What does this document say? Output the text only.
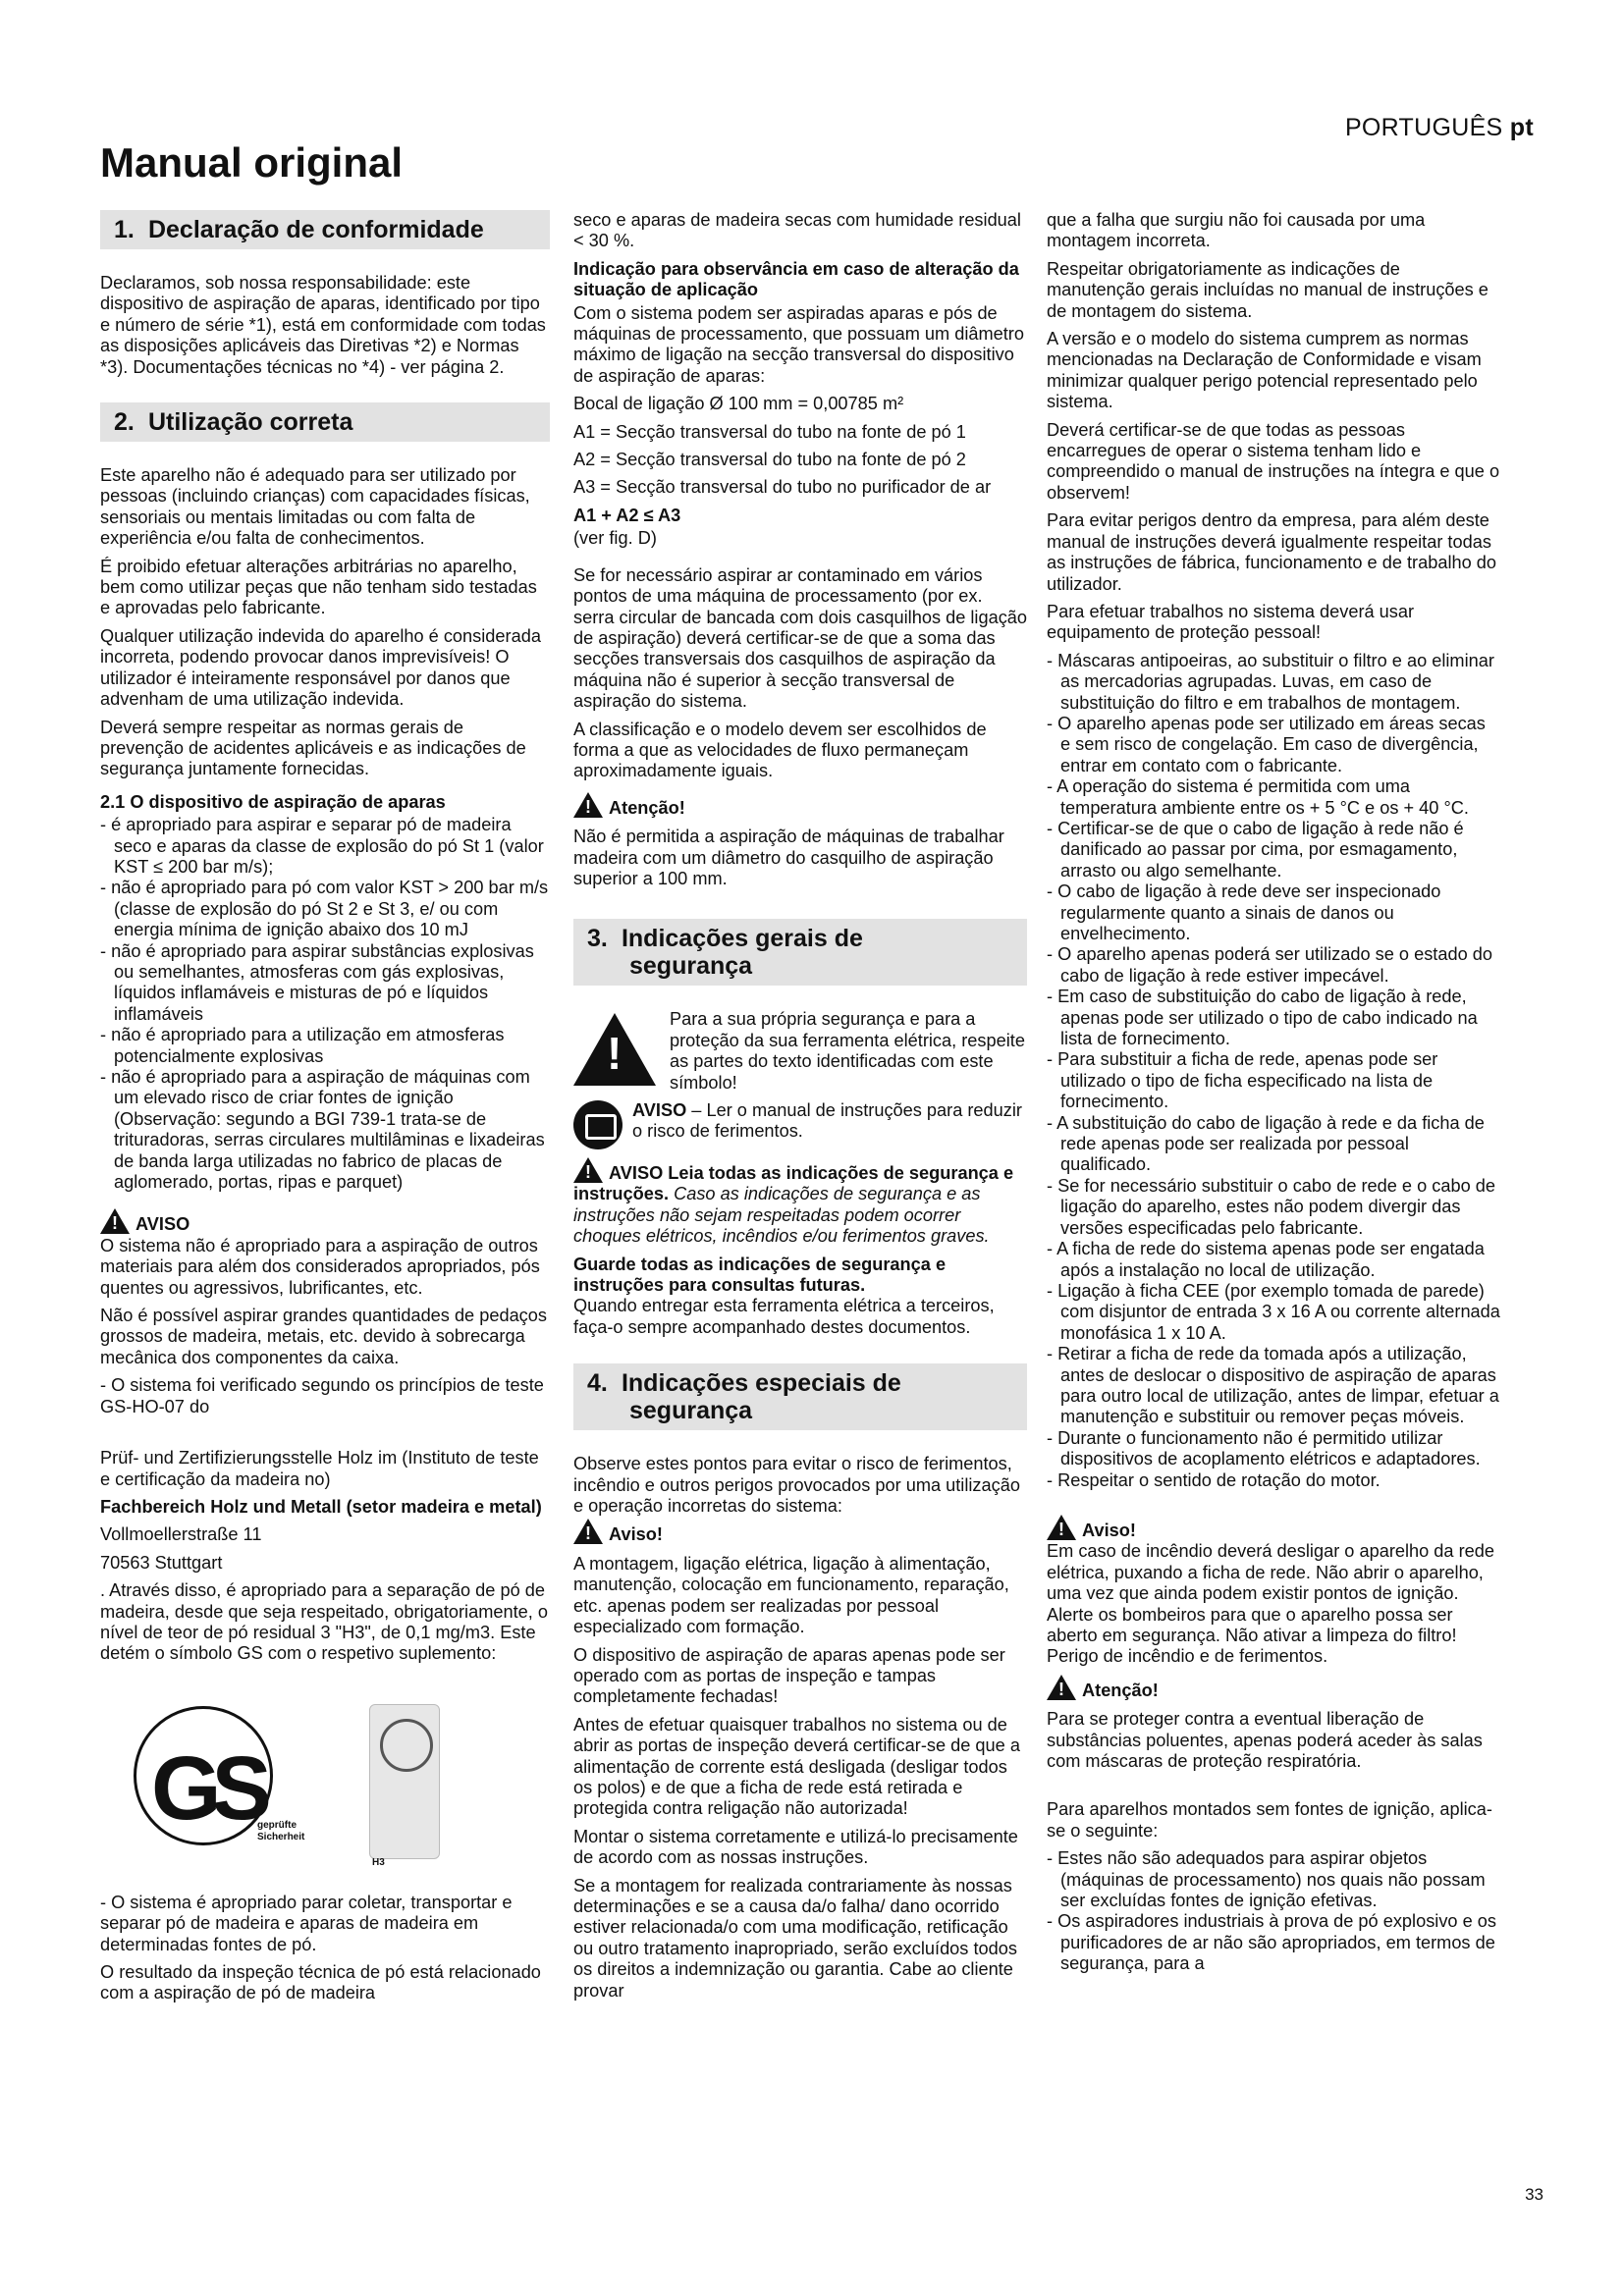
PORTUGUÊS pt
Manual original
1. Declaração de conformidade

Declaramos, sob nossa responsabilidade: este dispositivo de aspiração de aparas, identificado por tipo e número de série *1), está em conformidade com todas as disposições aplicáveis das Diretivas *2) e Normas *3). Documentações técnicas no *4) - ver página 2.

2. Utilização correta

Este aparelho não é adequado para ser utilizado por pessoas (incluindo crianças) com capacidades físicas, sensoriais ou mentais limitadas ou com falta de experiência e/ou falta de conhecimentos.

É proibido efetuar alterações arbitrárias no aparelho, bem como utilizar peças que não tenham sido testadas e aprovadas pelo fabricante.

Qualquer utilização indevida do aparelho é considerada incorreta, podendo provocar danos imprevisíveis! O utilizador é inteiramente responsável por danos que advenham de uma utilização indevida.

Deverá sempre respeitar as normas gerais de prevenção de acidentes aplicáveis e as indicações de segurança juntamente fornecidas.

2.1 O dispositivo de aspiração de aparas

- é apropriado para aspirar e separar pó de madeira seco e aparas da classe de explosão do pó St 1 (valor KST ≤ 200 bar m/s);
- não é apropriado para pó com valor KST > 200 bar m/s (classe de explosão do pó St 2 e St 3, e/ ou com energia mínima de ignição abaixo dos 10 mJ
- não é apropriado para aspirar substâncias explosivas ou semelhantes, atmosferas com gás explosivas, líquidos inflamáveis e misturas de pó e líquidos inflamáveis
- não é apropriado para a utilização em atmosferas potencialmente explosivas
- não é apropriado para a aspiração de máquinas com um elevado risco de criar fontes de ignição (Observação: segundo a BGI 739-1 trata-se de trituradoras, serras circulares multilâminas e lixadeiras de banda larga utilizadas no fabrico de placas de aglomerado, portas, ripas e parquet)
!AVISO

O sistema não é apropriado para a aspiração de outros materiais para além dos considerados apropriados, pós quentes ou agressivos, lubrificantes, etc.

Não é possível aspirar grandes quantidades de pedaços grossos de madeira, metais, etc. devido à sobrecarga mecânica dos componentes da caixa.

- O sistema foi verificado segundo os princípios de teste GS-HO-07 do

Prüf- und Zertifizierungsstelle Holz im (Instituto de teste e certificação da madeira no)

Fachbereich Holz und Metall (setor madeira e metal)

Vollmoellerstraße 11

70563 Stuttgart

. Através disso, é apropriado para a separação de pó de madeira, desde que seja respeitado, obrigatoriamente, o nível de teor de pó residual 3 "H3", de 0,1 mg/m3. Este detém o símbolo GS com o respetivo suplemento:

GS
geprüfte Sicherheit
H3

- O sistema é apropriado parar coletar, transportar e separar pó de madeira e aparas de madeira em determinadas fontes de pó.

O resultado da inspeção técnica de pó está relacionado com a aspiração de pó de madeira

seco e aparas de madeira secas com humidade residual < 30 %.

Indicação para observância em caso de alteração da situação de aplicação

Com o sistema podem ser aspiradas aparas e pós de máquinas de processamento, que possuam um diâmetro máximo de ligação na secção transversal do dispositivo de aspiração de aparas:

Bocal de ligação Ø 100 mm = 0,00785 m²

A1 = Secção transversal do tubo na fonte de pó 1

A2 = Secção transversal do tubo na fonte de pó 2

A3 = Secção transversal do tubo no purificador de ar

A1 + A2 ≤ A3

(ver fig. D)

Se for necessário aspirar ar contaminado em vários pontos de uma máquina de processamento (por ex. serra circular de bancada com dois casquilhos de ligação de aspiração) deverá certificar-se de que a soma das secções transversais dos casquilhos de aspiração da máquina não é superior à secção transversal de aspiração do sistema.

A classificação e o modelo devem ser escolhidos de forma a que as velocidades de fluxo permaneçam aproximadamente iguais.

!Atenção!

Não é permitida a aspiração de máquinas de trabalhar madeira com um diâmetro do casquilho de aspiração superior a 100 mm.

3. Indicações gerais de
segurança
!

Para a sua própria segurança e para a proteção da sua ferramenta elétrica, respeite as partes do texto identificadas com este símbolo!

AVISO – Ler o manual de instruções para reduzir o risco de ferimentos.

!AVISO Leia todas as indicações de segurança e instruções. Caso as indicações de segurança e as instruções não sejam respeitadas podem ocorrer choques elétricos, incêndios e/ou ferimentos graves.

Guarde todas as indicações de segurança e instruções para consultas futuras.

Quando entregar esta ferramenta elétrica a terceiros, faça-o sempre acompanhado destes documentos.

4. Indicações especiais de
segurança

Observe estes pontos para evitar o risco de ferimentos, incêndio e outros perigos provocados por uma utilização e operação incorretas do sistema:

!Aviso!

A montagem, ligação elétrica, ligação à alimentação, manutenção, colocação em funcionamento, reparação, etc. apenas podem ser realizadas por pessoal especializado com formação.

O dispositivo de aspiração de aparas apenas pode ser operado com as portas de inspeção e tampas completamente fechadas!

Antes de efetuar quaisquer trabalhos no sistema ou de abrir as portas de inspeção deverá certificar-se de que a alimentação de corrente está desligada (desligar todos os polos) e de que a ficha de rede está retirada e protegida contra religação não autorizada!

Montar o sistema corretamente e utilizá-lo precisamente de acordo com as nossas instruções.

Se a montagem for realizada contrariamente às nossas determinações e se a causa da/o falha/ dano ocorrido estiver relacionada/o com uma modificação, retificação ou outro tratamento inapropriado, serão excluídos todos os direitos a indemnização ou garantia. Cabe ao cliente provar

que a falha que surgiu não foi causada por uma montagem incorreta.

Respeitar obrigatoriamente as indicações de manutenção gerais incluídas no manual de instruções e de montagem do sistema.

A versão e o modelo do sistema cumprem as normas mencionadas na Declaração de Conformidade e visam minimizar qualquer perigo potencial representado pelo sistema.

Deverá certificar-se de que todas as pessoas encarregues de operar o sistema tenham lido e compreendido o manual de instruções na íntegra e que o observem!

Para evitar perigos dentro da empresa, para além deste manual de instruções deverá igualmente respeitar todas as instruções de fábrica, funcionamento e de trabalho do utilizador.

Para efetuar trabalhos no sistema deverá usar equipamento de proteção pessoal!

- Máscaras antipoeiras, ao substituir o filtro e ao eliminar as mercadorias agrupadas. Luvas, em caso de substituição do filtro e em trabalhos de montagem.
- O aparelho apenas pode ser utilizado em áreas secas e sem risco de congelação. Em caso de divergência, entrar em contato com o fabricante.
- A operação do sistema é permitida com uma temperatura ambiente entre os + 5 °C e os + 40 °C.
- Certificar-se de que o cabo de ligação à rede não é danificado ao passar por cima, por esmagamento, arrasto ou algo semelhante.
- O cabo de ligação à rede deve ser inspecionado regularmente quanto a sinais de danos ou envelhecimento.
- O aparelho apenas poderá ser utilizado se o estado do cabo de ligação à rede estiver impecável.
- Em caso de substituição do cabo de ligação à rede, apenas pode ser utilizado o tipo de cabo indicado na lista de fornecimento.
- Para substituir a ficha de rede, apenas pode ser utilizado o tipo de ficha especificado na lista de fornecimento.
- A substituição do cabo de ligação à rede e da ficha de rede apenas pode ser realizada por pessoal qualificado.
- Se for necessário substituir o cabo de rede e o cabo de ligação do aparelho, estes não podem divergir das versões especificadas pelo fabricante.
- A ficha de rede do sistema apenas pode ser engatada após a instalação no local de utilização.
- Ligação à ficha CEE (por exemplo tomada de parede) com disjuntor de entrada 3 x 16 A ou corrente alternada monofásica 1 x 10 A.
- Retirar a ficha de rede da tomada após a utilização, antes de deslocar o dispositivo de aspiração de aparas para outro local de utilização, antes de limpar, efetuar a manutenção e substituir ou remover peças móveis.
- Durante o funcionamento não é permitido utilizar dispositivos de acoplamento elétricos e adaptadores.
- Respeitar o sentido de rotação do motor.
!Aviso!

Em caso de incêndio deverá desligar o aparelho da rede elétrica, puxando a ficha de rede. Não abrir o aparelho, uma vez que ainda podem existir pontos de ignição. Alerte os bombeiros para que o aparelho possa ser aberto em segurança. Não ativar a limpeza do filtro! Perigo de incêndio e de ferimentos.

!Atenção!

Para se proteger contra a eventual liberação de substâncias poluentes, apenas poderá aceder às salas com máscaras de proteção respiratória.

Para aparelhos montados sem fontes de ignição, aplica-se o seguinte:

- Estes não são adequados para aspirar objetos (máquinas de processamento) nos quais não possam ser excluídas fontes de ignição efetivas.
- Os aspiradores industriais à prova de pó explosivo e os purificadores de ar não são apropriados, em termos de segurança, para a
33
